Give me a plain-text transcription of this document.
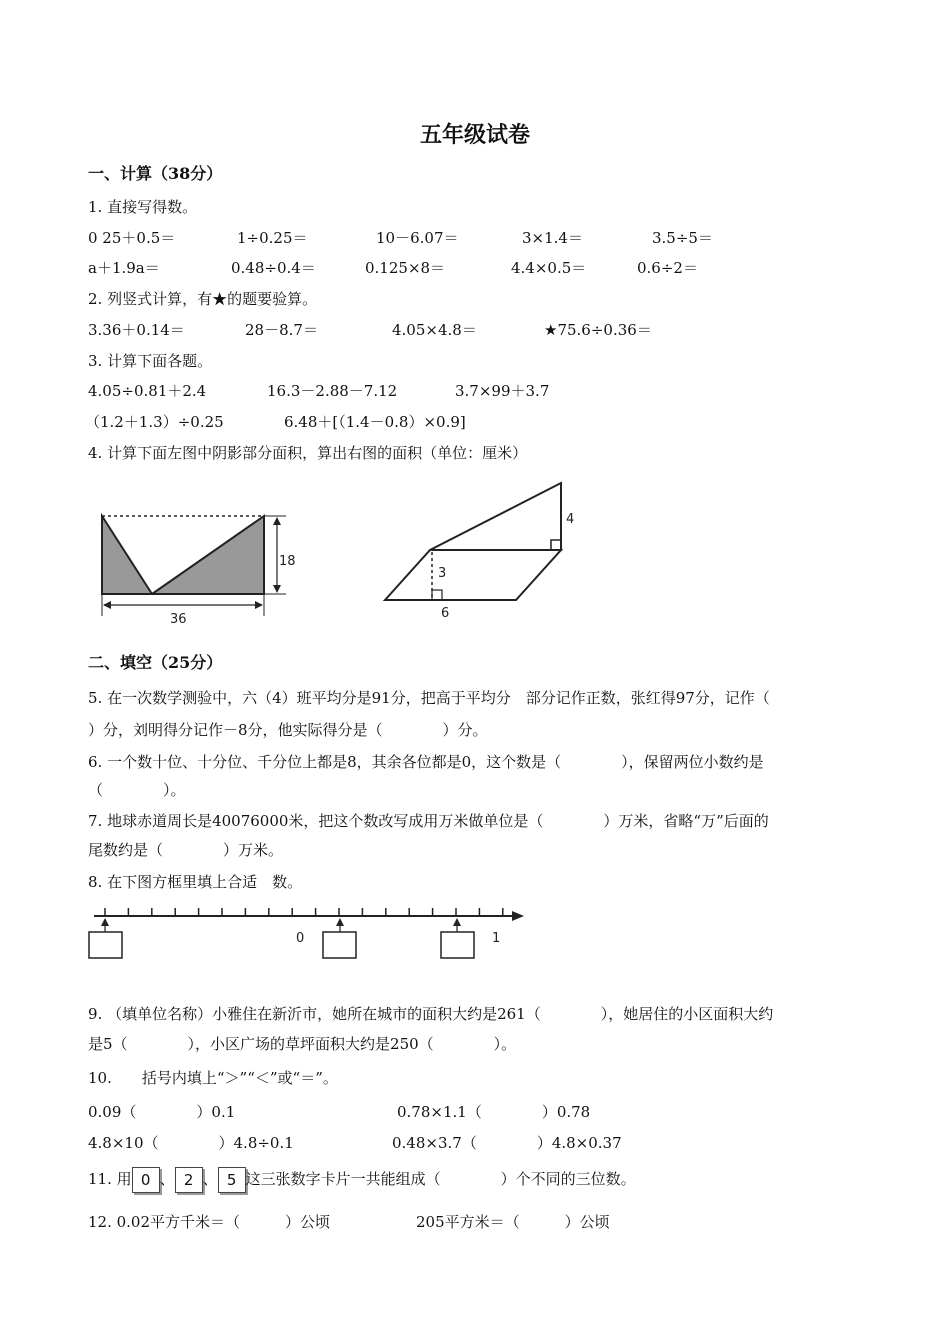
五年级试卷
一、计算（38分）
1. 直接写得数。
0 25＋0.5＝	1÷0.25＝	10－6.07＝	3×1.4＝	3.5÷5＝
a＋1.9a＝	0.48÷0.4＝	0.125×8＝	4.4×0.5＝	0.6÷2＝
2. 列竖式计算，有★的题要验算。
3.36＋0.14＝	28－8.7＝	4.05×4.8＝	★75.6÷0.36＝
3. 计算下面各题。
4.05÷0.81＋2.4	16.3－2.88－7.12	3.7×99＋3.7
（1.2＋1.3）÷0.25	6.48＋[（1.4－0.8）×0.9]
4. 计算下面左图中阴影部分面积，算出右图的面积（单位：厘米）
18
36
4
3
6
二、填空（25分）
5. 在一次数学测验中，六（4）班平均分是91分，把高于平均分　部分记作正数，张红得97分，记作（
）分，刘明得分记作－8分，他实际得分是（　　　　）分。
6. 一个数十位、十分位、千分位上都是8，其余各位都是0，这个数是（　　　　），保留两位小数约是
（　　　　）。
7. 地球赤道周长是40076000米，把这个数改写成用万米做单位是（　　　　）万米，省略“万”后面的
尾数约是（　　　　）万米。
8. 在下图方框里填上合适　数。
0	1
9. （填单位名称）小雅住在新沂市，她所在城市的面积大约是261（　　　　），她居住的小区面积大约
是5（　　　　），小区广场的草坪面积大约是250（　　　　）。
10.　　括号内填上“＞”“＜”或“＝”。
0.09（　　　　）0.1	0.78×1.1（　　　　）0.78
4.8×10（　　　　）4.8÷0.1	0.48×3.7（　　　　）4.8×0.37
11. 用 0 、 2 、 5 这三张数字卡片一共能组成（　　　　）个不同的三位数。
12. 0.02平方千米＝（　　　）公顷	205平方米＝（　　　）公顷
